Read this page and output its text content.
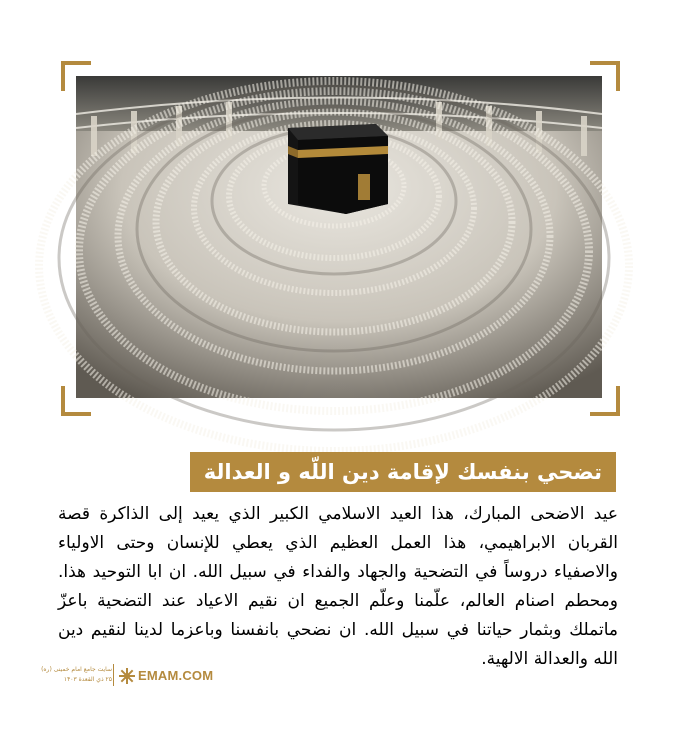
تضحي بنفسك لإقامة دين اللّه و العدالة
عيد الاضحى المبارك، هذا العيد الاسلامي الكبير الذي يعيد إلى الذاكرة قصة القربان الابراهيمي، هذا العمل العظيم الذي يعطي للإنسان وحتى الاولياء والاصفياء دروساً في التضحية والجهاد والفداء في سبيل الله. ان ابا التوحيد هذا. ومحطم اصنام العالم، علّمنا وعلّم الجميع ان نقيم الاعياد عند التضحية باعزّ ماتملك وبثمار حياتنا في سبيل الله. ان نضحي بانفسنا وباعزما لدينا لنقيم دين الله والعدالة الالهية.
سایت جامع امام خمینی (ره)
۲۵ ذي القعدة ۱۴۰۳ EMAM.COM
